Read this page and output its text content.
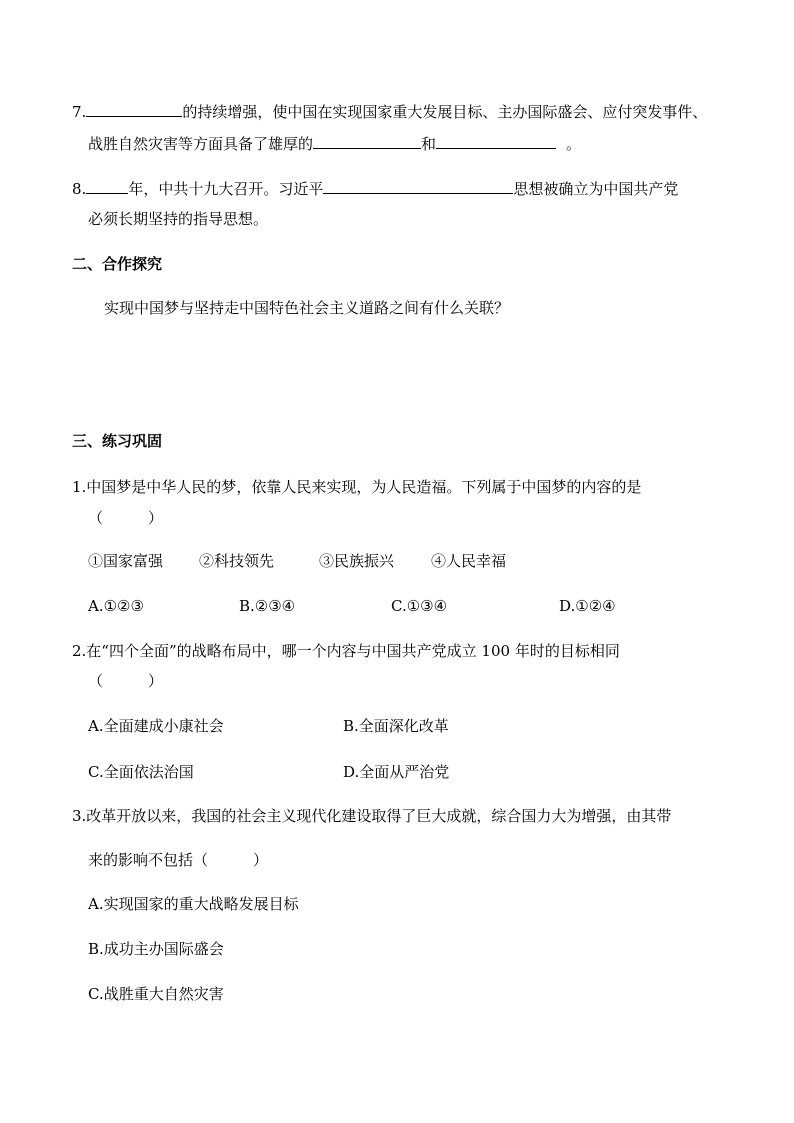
7.	的持续增强，使中国在实现国家重大发展目标、主办国际盛会、应付突发事件、
战胜自然灾害等方面具备了雄厚的	和	。
8.	年，中共十九大召开。习近平	思想被确立为中国共产党
必须长期坚持的指导思想。
二、合作探究
实现中国梦与坚持走中国特色社会主义道路之间有什么关联？
三、练习巩固
1.中国梦是中华人民的梦，依靠人民来实现，为人民造福。下列属于中国梦的内容的是
（　　　）
①国家富强 ②科技领先	③民族振兴 ④人民幸福
A.①②③	B.②③④	C.①③④	D.①②④
2.在“四个全面”的战略布局中，哪一个内容与中国共产党成立 100 年时的目标相同
（　　　）
A.全面建成小康社会	B.全面深化改革
C.全面依法治国	D.全面从严治党
3.改革开放以来，我国的社会主义现代化建设取得了巨大成就，综合国力大为增强，由其带
来的影响不包括（　　　）
A.实现国家的重大战略发展目标
B.成功主办国际盛会
C.战胜重大自然灾害
